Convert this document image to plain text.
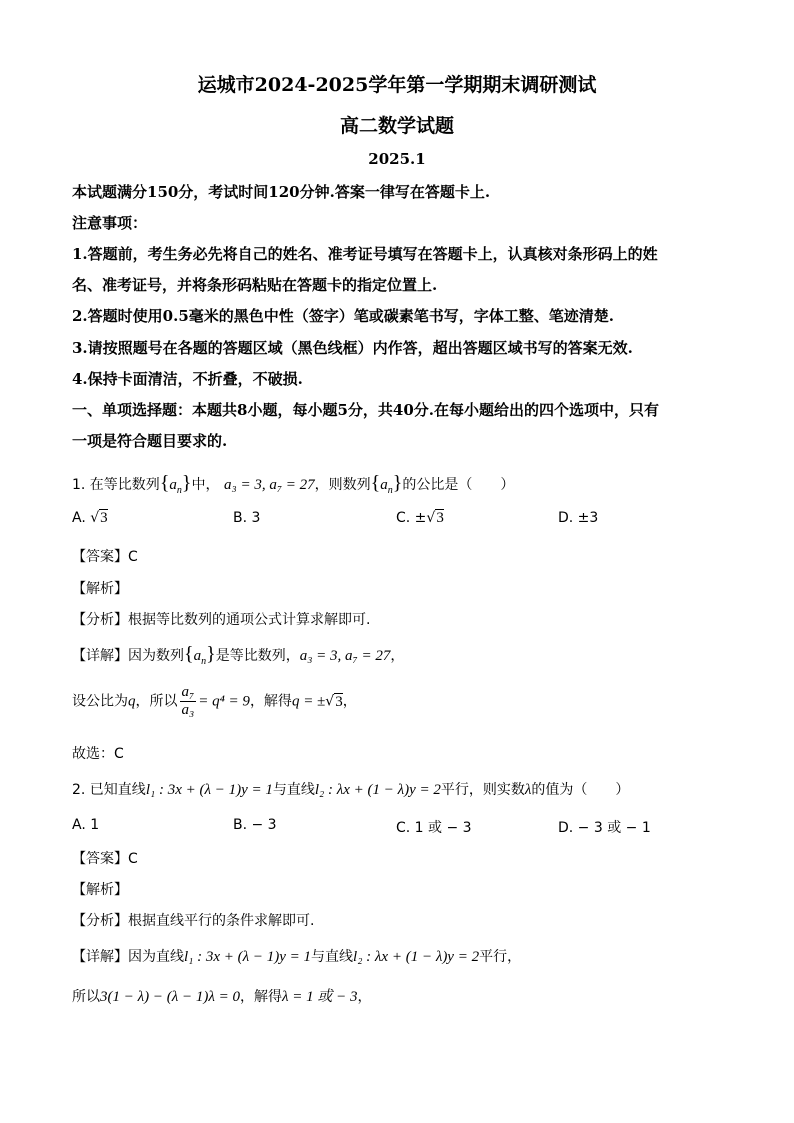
运城市2024-2025学年第一学期期末调研测试
高二数学试题
2025.1
本试题满分150分，考试时间120分钟.答案一律写在答题卡上.
注意事项：
1.答题前，考生务必先将自己的姓名、准考证号填写在答题卡上，认真核对条形码上的姓
名、准考证号，并将条形码粘贴在答题卡的指定位置上.
2.答题时使用0.5毫米的黑色中性（签字）笔或碳素笔书写，字体工整、笔迹清楚.
3.请按照题号在各题的答题区域（黑色线框）内作答，超出答题区域书写的答案无效.
4.保持卡面清洁，不折叠，不破损.
一、单项选择题：本题共8小题，每小题5分，共40分.在每小题给出的四个选项中，只有
一项是符合题目要求的.
1. 在等比数列$\{a_n\}$中， a₃ = 3, a₇ = 27，则数列$\{a_n\}$的公比是（　　）
A. √3	B. 3	C. ±√3	D. ±3
【答案】C
【解析】
【分析】根据等比数列的通项公式计算求解即可.
【详解】因为数列$\{a_n\}$是等比数列，a₃ = 3, a₇ = 27，
设公比为q，所以 $\frac{\text{a₇}}{\text{a₃}} = q^4 = 9$，解得q = ±√3，
故选：C
2. 已知直线l₁ : 3x + (λ − 1)y = 1与直线l₂ : λx + (1 − λ)y = 2平行，则实数λ的值为（　　）
A. 1	B. − 3	C. 1 或 − 3	D. − 3 或 − 1
【答案】C
【解析】
【分析】根据直线平行的条件求解即可.
【详解】因为直线l₁ : 3x + (λ − 1)y = 1与直线l₂ : λx + (1 − λ)y = 2平行，
所以3(1 − λ) − (λ − 1)λ = 0，解得λ = 1 或 − 3，
